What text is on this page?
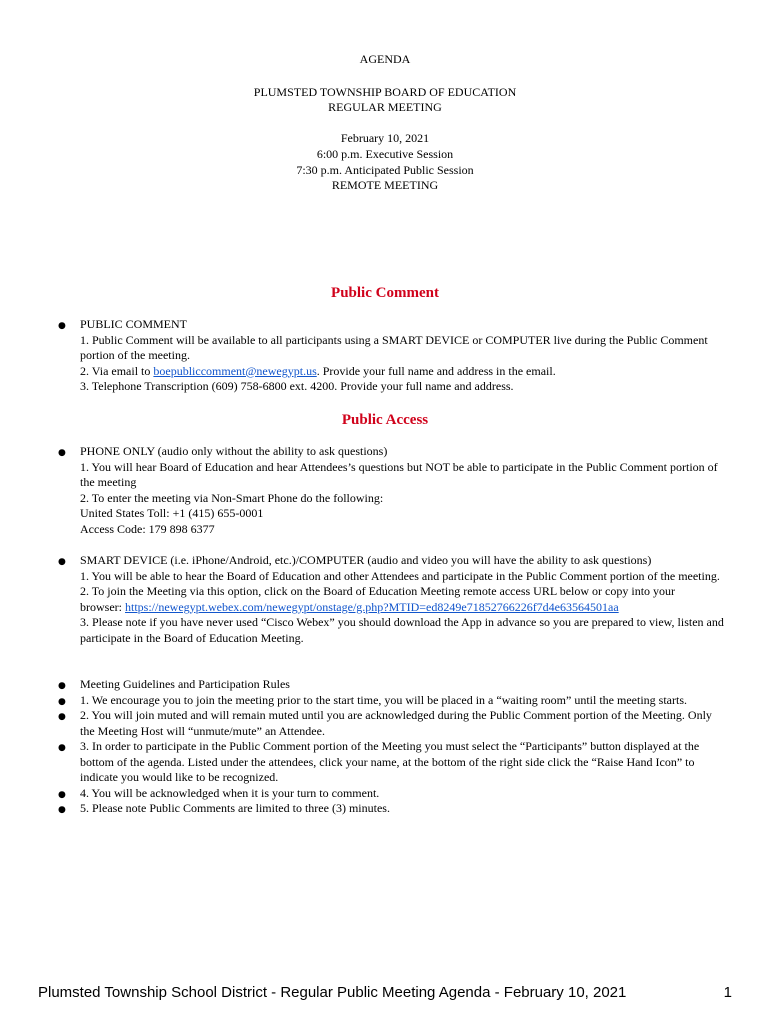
AGENDA
PLUMSTED TOWNSHIP BOARD OF EDUCATION
REGULAR MEETING
February 10, 2021
6:00 p.m. Executive Session
7:30 p.m. Anticipated Public Session
REMOTE MEETING
Public Comment
● PUBLIC COMMENT
1. Public Comment will be available to all participants using a SMART DEVICE or COMPUTER live during the Public Comment portion of the meeting.
2. Via email to boepubliccomment@newegypt.us. Provide your full name and address in the email.
3. Telephone Transcription (609) 758-6800 ext. 4200. Provide your full name and address.
Public Access
● PHONE ONLY (audio only without the ability to ask questions)
1. You will hear Board of Education and hear Attendees’s questions but NOT be able to participate in the Public Comment portion of the meeting
2. To enter the meeting via Non-Smart Phone do the following:
United States Toll: +1 (415) 655-0001
Access Code: 179 898 6377
● SMART DEVICE (i.e. iPhone/Android, etc.)/COMPUTER (audio and video you will have the ability to ask questions)
1. You will be able to hear the Board of Education and other Attendees and participate in the Public Comment portion of the meeting.
2. To join the Meeting via this option, click on the Board of Education Meeting remote access URL below or copy into your
browser: https://newegypt.webex.com/newegypt/onstage/g.php?MTID=ed8249e71852766226f7d4e63564501aa
3. Please note if you have never used “Cisco Webex” you should download the App in advance so you are prepared to view, listen and participate in the Board of Education Meeting.
● Meeting Guidelines and Participation Rules
● 1. We encourage you to join the meeting prior to the start time, you will be placed in a “waiting room” until the meeting starts.
● 2. You will join muted and will remain muted until you are acknowledged during the Public Comment portion of the Meeting. Only the Meeting Host will “unmute/mute” an Attendee.
● 3. In order to participate in the Public Comment portion of the Meeting you must select the “Participants” button displayed at the bottom of the agenda. Listed under the attendees, click your name, at the bottom of the right side click the “Raise Hand Icon” to indicate you would like to be recognized.
● 4. You will be acknowledged when it is your turn to comment.
● 5. Please note Public Comments are limited to three (3) minutes.
Plumsted Township School District - Regular Public Meeting Agenda - February 10, 2021	1
